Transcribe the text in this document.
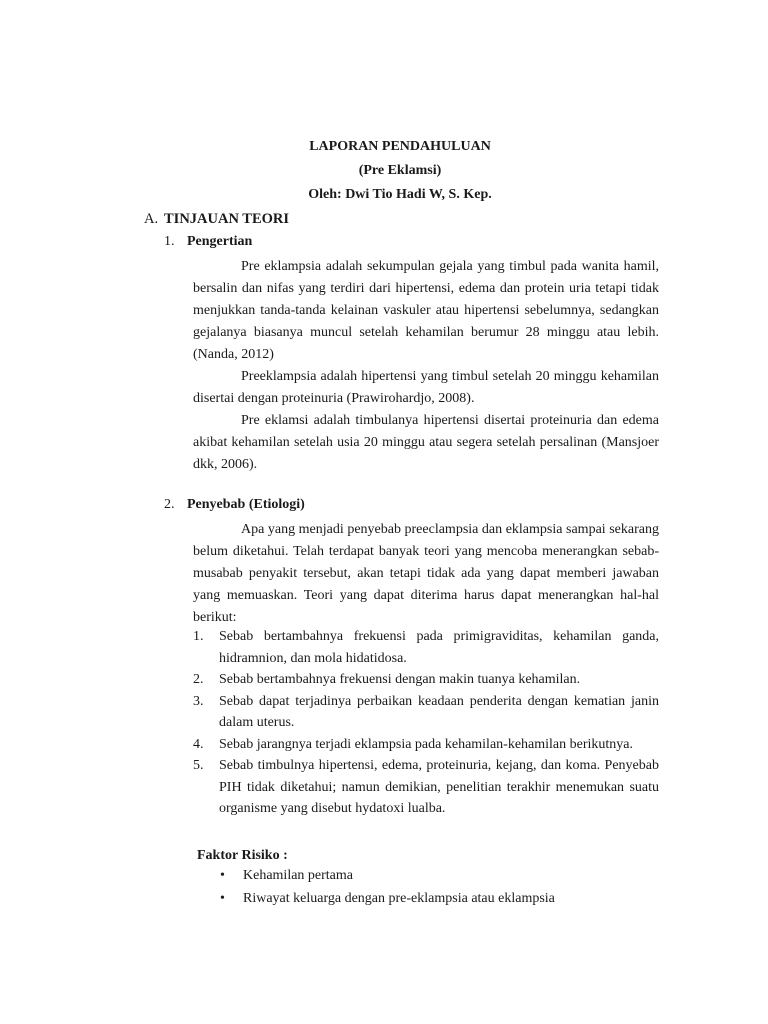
LAPORAN PENDAHULUAN
(Pre Eklamsi)
Oleh: Dwi Tio Hadi W, S. Kep.
A. TINJAUAN TEORI
1. Pengertian

Pre eklampsia adalah sekumpulan gejala yang timbul pada wanita hamil, bersalin dan nifas yang terdiri dari hipertensi, edema dan protein uria tetapi tidak menjukkan tanda-tanda kelainan vaskuler atau hipertensi sebelumnya, sedangkan gejalanya biasanya muncul setelah kehamilan berumur 28 minggu atau lebih. (Nanda, 2012)

Preeklampsia adalah hipertensi yang timbul setelah 20 minggu kehamilan disertai dengan proteinuria (Prawirohardjo, 2008).

Pre eklamsi adalah timbulanya hipertensi disertai proteinuria dan edema akibat kehamilan setelah usia 20 minggu atau segera setelah persalinan (Mansjoer dkk, 2006).

2. Penyebab (Etiologi)

Apa yang menjadi penyebab preeclampsia dan eklampsia sampai sekarang belum diketahui. Telah terdapat banyak teori yang mencoba menerangkan sebab-musabab penyakit tersebut, akan tetapi tidak ada yang dapat memberi jawaban yang memuaskan. Teori yang dapat diterima harus dapat menerangkan hal-hal berikut:

1. Sebab bertambahnya frekuensi pada primigraviditas, kehamilan ganda, hidramnion, dan mola hidatidosa.
2. Sebab bertambahnya frekuensi dengan makin tuanya kehamilan.
3. Sebab dapat terjadinya perbaikan keadaan penderita dengan kematian janin dalam uterus.
4. Sebab jarangnya terjadi eklampsia pada kehamilan-kehamilan berikutnya.
5. Sebab timbulnya hipertensi, edema, proteinuria, kejang, dan koma. Penyebab PIH tidak diketahui; namun demikian, penelitian terakhir menemukan suatu organisme yang disebut hydatoxi lualba.
Faktor Risiko :
• Kehamilan pertama
• Riwayat keluarga dengan pre-eklampsia atau eklampsia
